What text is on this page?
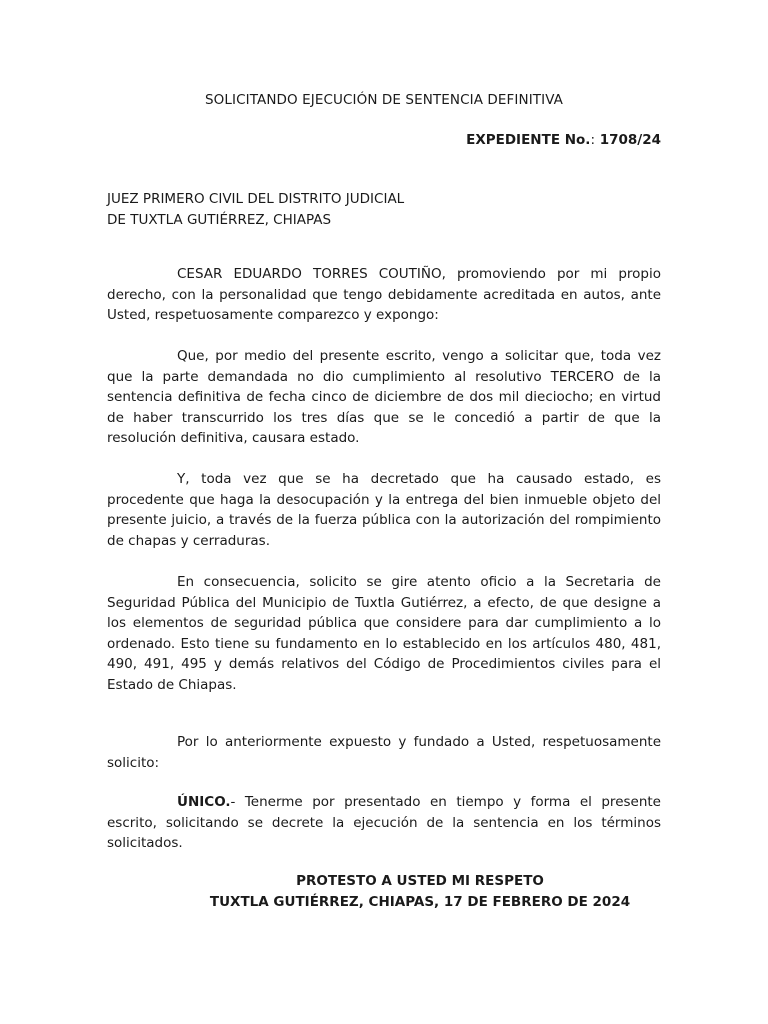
SOLICITANDO EJECUCIÓN DE SENTENCIA DEFINITIVA
EXPEDIENTE No.: 1708/24
JUEZ PRIMERO CIVIL DEL DISTRITO JUDICIAL
DE TUXTLA GUTIÉRREZ, CHIAPAS

CESAR EDUARDO TORRES COUTIÑO, promoviendo por mi propio derecho, con la personalidad que tengo debidamente acreditada en autos, ante Usted, respetuosamente comparezco y expongo:

Que, por medio del presente escrito, vengo a solicitar que, toda vez que la parte demandada no dio cumplimiento al resolutivo TERCERO de la sentencia definitiva de fecha cinco de diciembre de dos mil dieciocho; en virtud de haber transcurrido los tres días que se le concedió a partir de que la resolución definitiva, causara estado.

Y, toda vez que se ha decretado que ha causado estado, es procedente que haga la desocupación y la entrega del bien inmueble objeto del presente juicio, a través de la fuerza pública con la autorización del rompimiento de chapas y cerraduras.

En consecuencia, solicito se gire atento oficio a la Secretaria de Seguridad Pública del Municipio de Tuxtla Gutiérrez, a efecto, de que designe a los elementos de seguridad pública que considere para dar cumplimiento a lo ordenado. Esto tiene su fundamento en lo establecido en los artículos 480, 481, 490, 491, 495 y demás relativos del Código de Procedimientos civiles para el Estado de Chiapas.

Por lo anteriormente expuesto y fundado a Usted, respetuosamente solicito:

ÚNICO.- Tenerme por presentado en tiempo y forma el presente escrito, solicitando se decrete la ejecución de la sentencia en los términos solicitados.

PROTESTO A USTED MI RESPETO
TUXTLA GUTIÉRREZ, CHIAPAS, 17 DE FEBRERO DE 2024
